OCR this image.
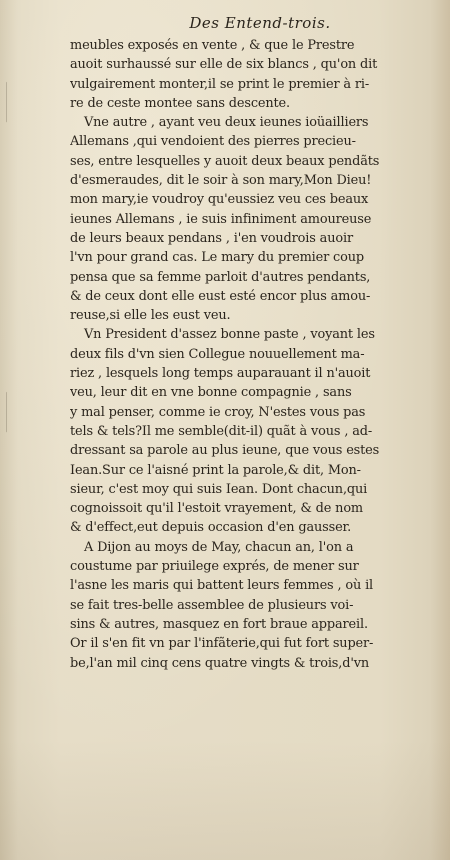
Des Entend-trois.
meubles exposés en vente , & que le Prestre
auoit surhaussé sur elle de six blancs , qu'on dit
vulgairement monter,il se print le premier à ri-
re de ceste montee sans descente.
Vne autre , ayant veu deux ieunes ioüailliers
Allemans ,qui vendoient des pierres precieu-
ses, entre lesquelles y auoit deux beaux pendãts
d'esmeraudes, dit le soir à son mary,Mon Dieu!
mon mary,ie voudroy qu'eussiez veu ces beaux
ieunes Allemans , ie suis infiniment amoureuse
de leurs beaux pendans , i'en voudrois auoir
l'vn pour grand cas. Le mary du premier coup
pensa que sa femme parloit d'autres pendants,
& de ceux dont elle eust esté encor plus amou-
reuse,si elle les eust veu.
Vn President d'assez bonne paste , voyant les
deux fils d'vn sien Collegue nouuellement ma-
riez , lesquels long temps auparauant il n'auoit
veu, leur dit en vne bonne compagnie , sans
y mal penser, comme ie croy, N'estes vous pas
tels & tels?Il me semble(dit-il) quãt à vous , ad-
dressant sa parole au plus ieune, que vous estes
Iean.Sur ce l'aisné print la parole,& dit, Mon-
sieur, c'est moy qui suis Iean. Dont chacun,qui
cognoissoit qu'il l'estoit vrayement, & de nom
& d'effect,eut depuis occasion d'en gausser.
A Dijon au moys de May, chacun an, l'on a
coustume par priuilege exprés, de mener sur
l'asne les maris qui battent leurs femmes , où il
se fait tres-belle assemblee de plusieurs voi-
sins & autres, masquez en fort braue appareil.
Or il s'en fit vn par l'infãterie,qui fut fort super-
be,l'an mil cinq cens quatre vingts & trois,d'vn
